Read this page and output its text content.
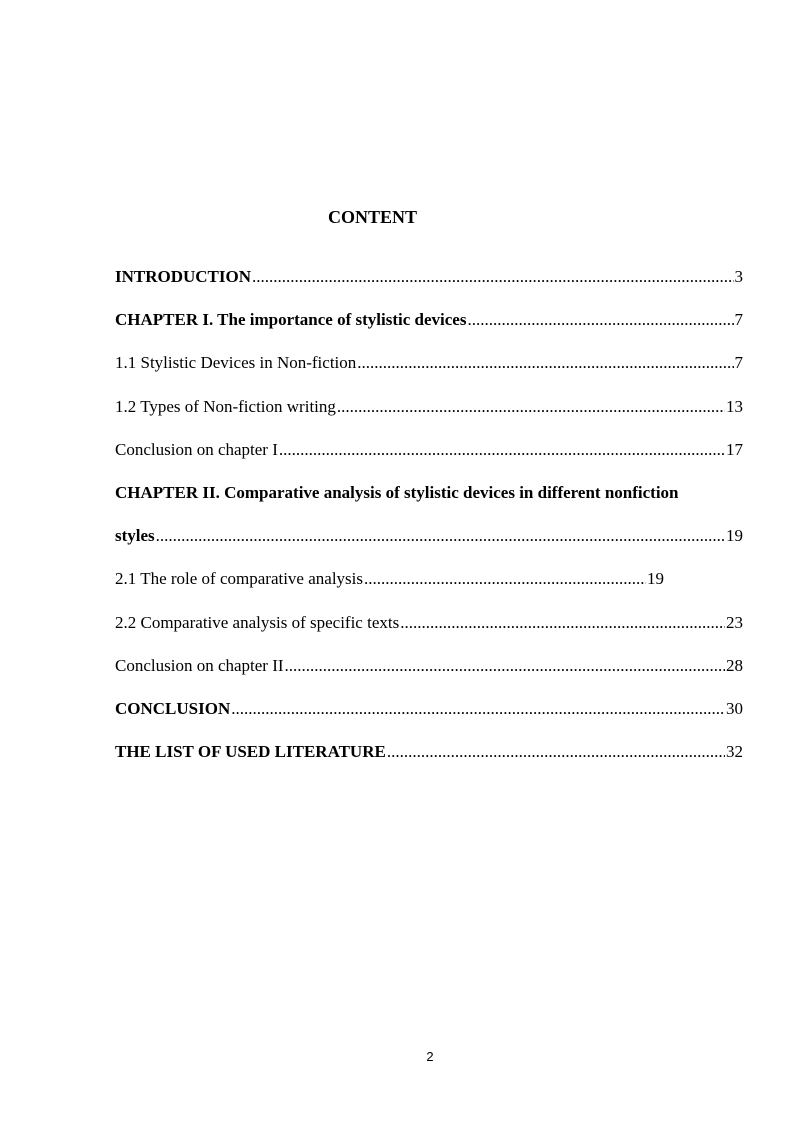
CONTENT
INTRODUCTION .....	3
CHAPTER I. The importance of stylistic devices .....	7
1.1 Stylistic Devices in Non-fiction .....	7
1.2 Types of Non-fiction writing .....	13
Conclusion on chapter I .....	17
CHAPTER II. Comparative analysis of stylistic devices in different nonfiction
styles .....	19
2.1 The role of comparative analysis .....	19
2.2 Comparative analysis of specific texts .....	23
Conclusion on chapter II .....	28
CONCLUSION .....	30
THE LIST OF USED LITERATURE .....	32
2
